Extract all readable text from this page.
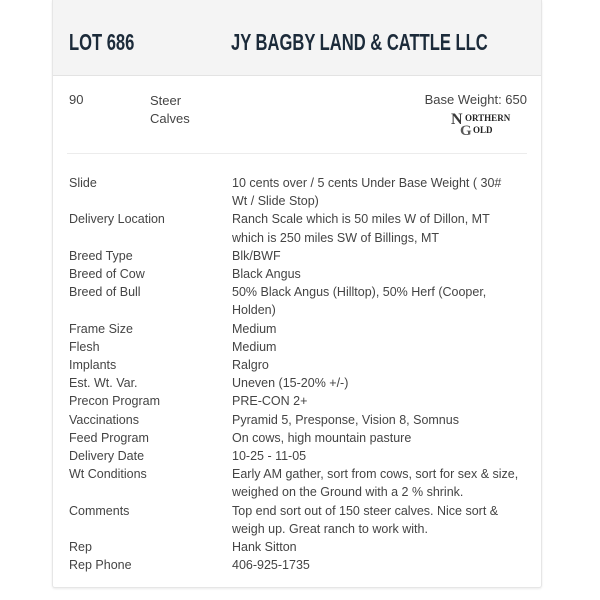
LOT 686	JY BAGBY LAND & CATTLE LLC
90	Steer Calves
Base Weight: 650
N ORTHERN
G OLD
Slide	10 cents over / 5 cents Under Base Weight ( 30# Wt / Slide Stop)
Delivery Location	Ranch Scale which is 50 miles W of Dillon, MT which is 250 miles SW of Billings, MT
Breed Type	Blk/BWF
Breed of Cow	Black Angus
Breed of Bull	50% Black Angus (Hilltop), 50% Herf (Cooper, Holden)
Frame Size	Medium
Flesh	Medium
Implants	Ralgro
Est. Wt. Var.	Uneven (15-20% +/-)
Precon Program	PRE-CON 2+
Vaccinations	Pyramid 5, Presponse, Vision 8, Somnus
Feed Program	On cows, high mountain pasture
Delivery Date	10-25 - 11-05
Wt Conditions	Early AM gather, sort from cows, sort for sex & size, weighed on the Ground with a 2 % shrink.
Comments	Top end sort out of 150 steer calves. Nice sort & weigh up. Great ranch to work with.
Rep	Hank Sitton
Rep Phone	406-925-1735
